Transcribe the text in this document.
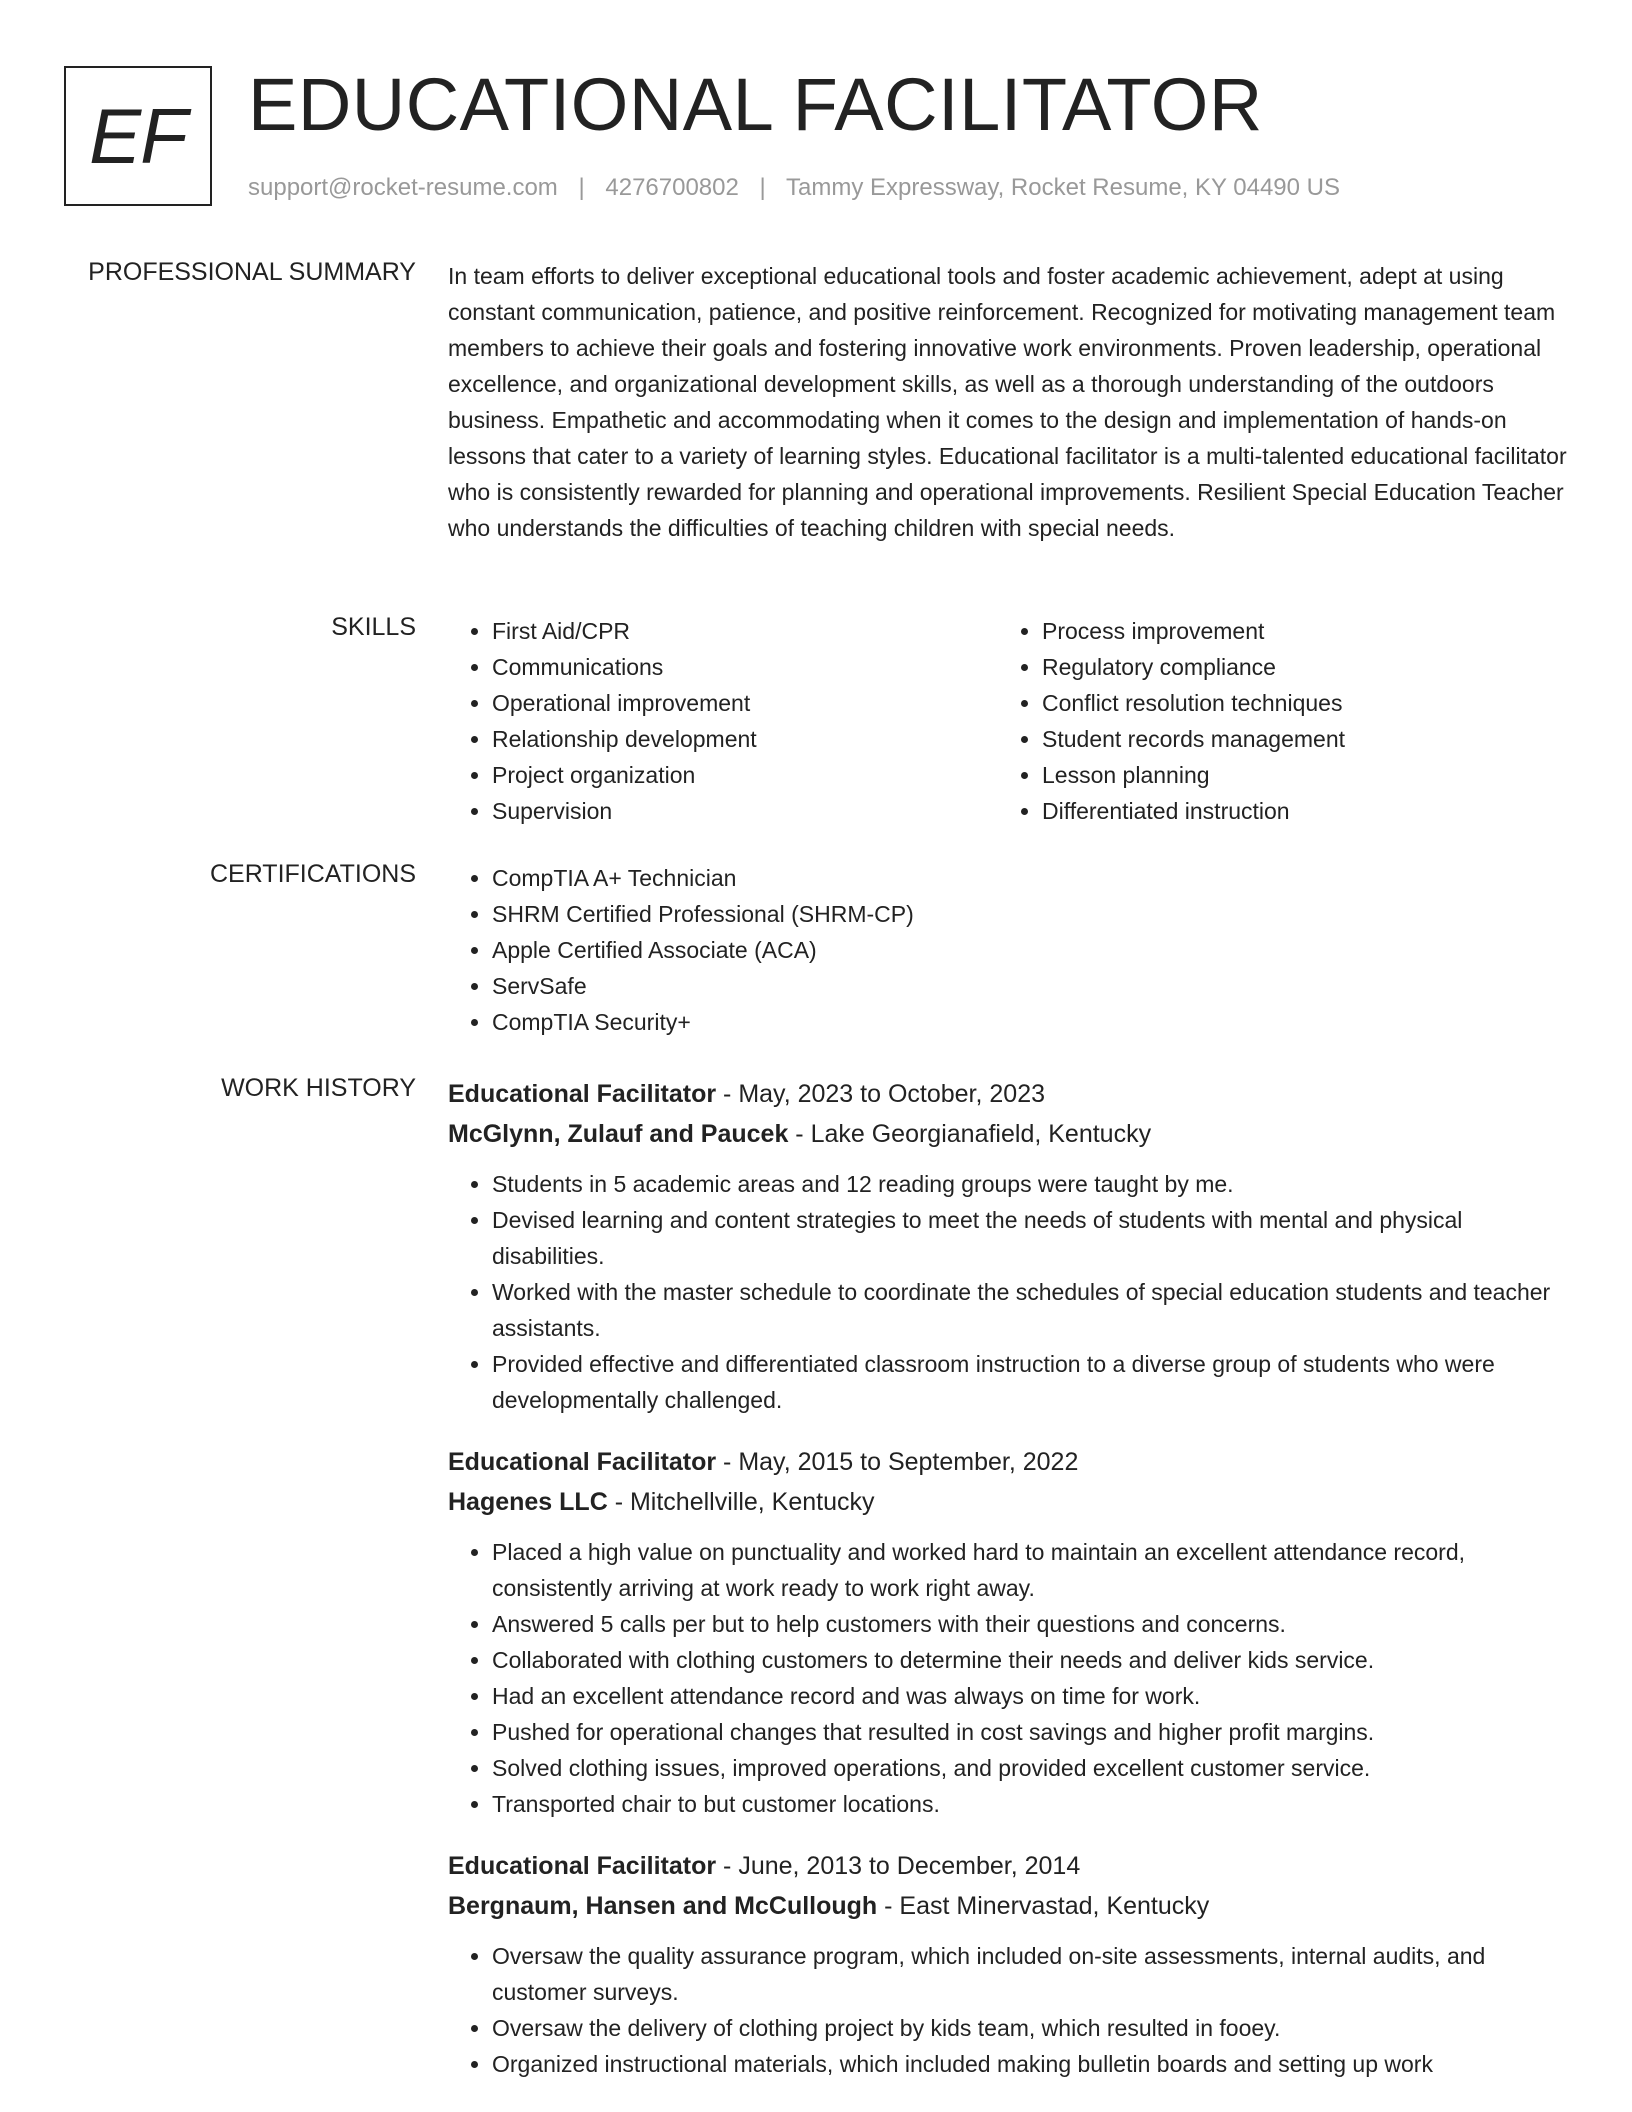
EF EDUCATIONAL FACILITATOR
support@rocket-resume.com | 4276700802 | Tammy Expressway, Rocket Resume, KY 04490 US
PROFESSIONAL SUMMARY In team efforts to deliver exceptional educational tools and foster academic achievement, adept at using constant communication, patience, and positive reinforcement. Recognized for motivating management team members to achieve their goals and fostering innovative work environments. Proven leadership, operational excellence, and organizational development skills, as well as a thorough understanding of the outdoors business. Empathetic and accommodating when it comes to the design and implementation of hands-on lessons that cater to a variety of learning styles. Educational facilitator is a multi-talented educational facilitator who is consistently rewarded for planning and operational improvements. Resilient Special Education Teacher who understands the difficulties of teaching children with special needs.

SKILLS	• First Aid/CPR
• Communications
• Operational improvement
• Relationship development
• Project organization
• Supervision
• Process improvement
• Regulatory compliance
• Conflict resolution techniques
• Student records management
• Lesson planning
• Differentiated instruction
CERTIFICATIONS	• CompTIA A+ Technician
• SHRM Certified Professional (SHRM-CP)
• Apple Certified Associate (ACA)
• ServSafe
• CompTIA Security+
WORK HISTORY Educational Facilitator - May, 2023 to October, 2023
McGlynn, Zulauf and Paucek - Lake Georgianafield, Kentucky
• Students in 5 academic areas and 12 reading groups were taught by me.
• Devised learning and content strategies to meet the needs of students with mental and physical disabilities.
• Worked with the master schedule to coordinate the schedules of special education students and teacher assistants.
• Provided effective and differentiated classroom instruction to a diverse group of students who were developmentally challenged.
Educational Facilitator - May, 2015 to September, 2022
Hagenes LLC - Mitchellville, Kentucky
• Placed a high value on punctuality and worked hard to maintain an excellent attendance record, consistently arriving at work ready to work right away.
• Answered 5 calls per but to help customers with their questions and concerns.
• Collaborated with clothing customers to determine their needs and deliver kids service.
• Had an excellent attendance record and was always on time for work.
• Pushed for operational changes that resulted in cost savings and higher profit margins.
• Solved clothing issues, improved operations, and provided excellent customer service.
• Transported chair to but customer locations.
Educational Facilitator - June, 2013 to December, 2014
Bergnaum, Hansen and McCullough - East Minervastad, Kentucky
• Oversaw the quality assurance program, which included on-site assessments, internal audits, and customer surveys.
• Oversaw the delivery of clothing project by kids team, which resulted in fooey.
• Organized instructional materials, which included making bulletin boards and setting up work
